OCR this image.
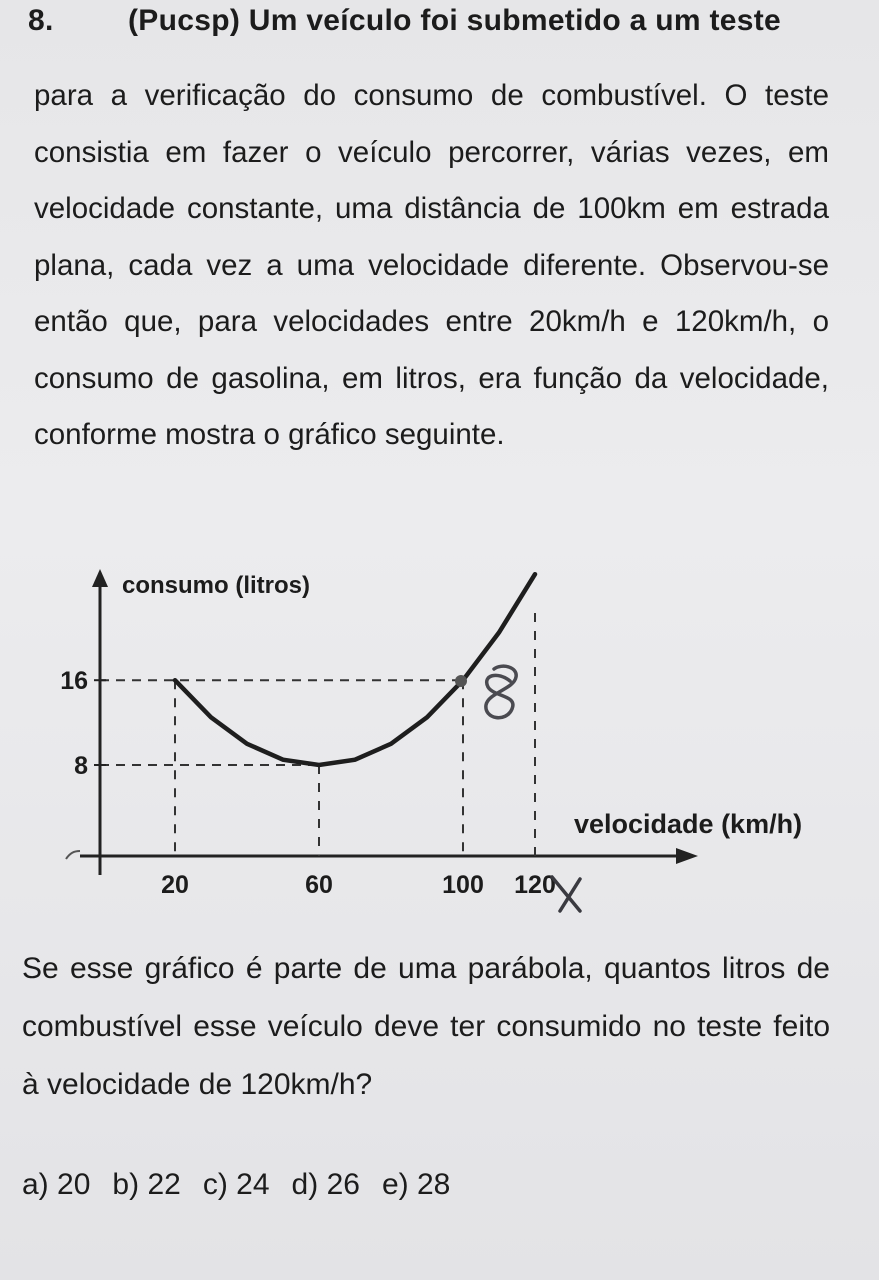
8. (Pucsp) Um veículo foi submetido a um teste

para a verificação do consumo de combustível. O teste consistia em fazer o veículo percorrer, várias vezes, em velocidade constante, uma distância de 100km em estrada plana, cada vez a uma velocidade diferente. Observou-se então que, para velocidades entre 20km/h e 120km/h, o consumo de gasolina, em litros, era função da velocidade, conforme mostra o gráfico seguinte.

consumo (litros)
velocidade (km/h)
20	60	100 120
16
8

Se esse gráfico é parte de uma parábola, quantos litros de combustível esse veículo deve ter consumido no teste feito à velocidade de 120km/h?

a) 20 b) 22 c) 24 d) 26 e) 28
